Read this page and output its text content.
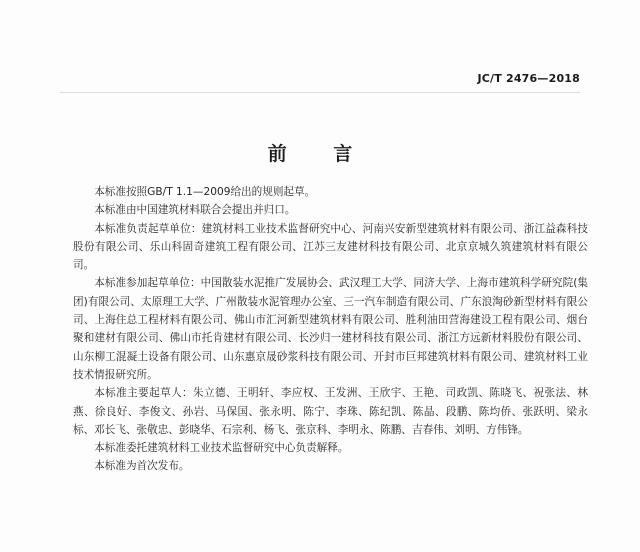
JC/T 2476—2018
前 言

本标准按照GB/T 1.1—2009给出的规则起草。

本标准由中国建筑材料联合会提出并归口。

本标准负责起草单位：建筑材料工业技术监督研究中心、河南兴安新型建筑材料有限公司、浙江益森科技股份有限公司、乐山科固奇建筑工程有限公司、江苏三友建材科技有限公司、北京京城久筑建筑材料有限公司。

本标准参加起草单位：中国散装水泥推广发展协会、武汉理工大学、同济大学、上海市建筑科学研究院(集团)有限公司、太原理工大学、广州散装水泥管理办公室、三一汽车制造有限公司、广东浪淘砂新型材料有限公司、上海住总工程材料有限公司、佛山市汇河新型建筑材料有限公司、胜利油田营海建设工程有限公司、烟台聚和建材有限公司、佛山市托肯建材有限公司、长沙归一建材科技有限公司、浙江方远新材料股份有限公司、山东柳工混凝土设备有限公司、山东惠京晟砂浆科技有限公司、开封市巨邦建筑材料有限公司、建筑材料工业技术情报研究所。

本标准主要起草人：朱立德、王明轩、李应权、王发洲、王欣宇、王艳、司政凯、陈晓飞、祝张法、林燕、徐良好、李俊文、孙岩、马保国、张永明、陈宁、李珠、陈纪凯、陈晶、段鹏、陈均侨、张跃明、梁永标、邓长飞、张敬忠、彭晓华、石宗利、杨飞、张京科、李明永、陈鹏、吉春伟、刘明、方伟锋。

本标准委托建筑材料工业技术监督研究中心负责解释。

本标准为首次发布。
